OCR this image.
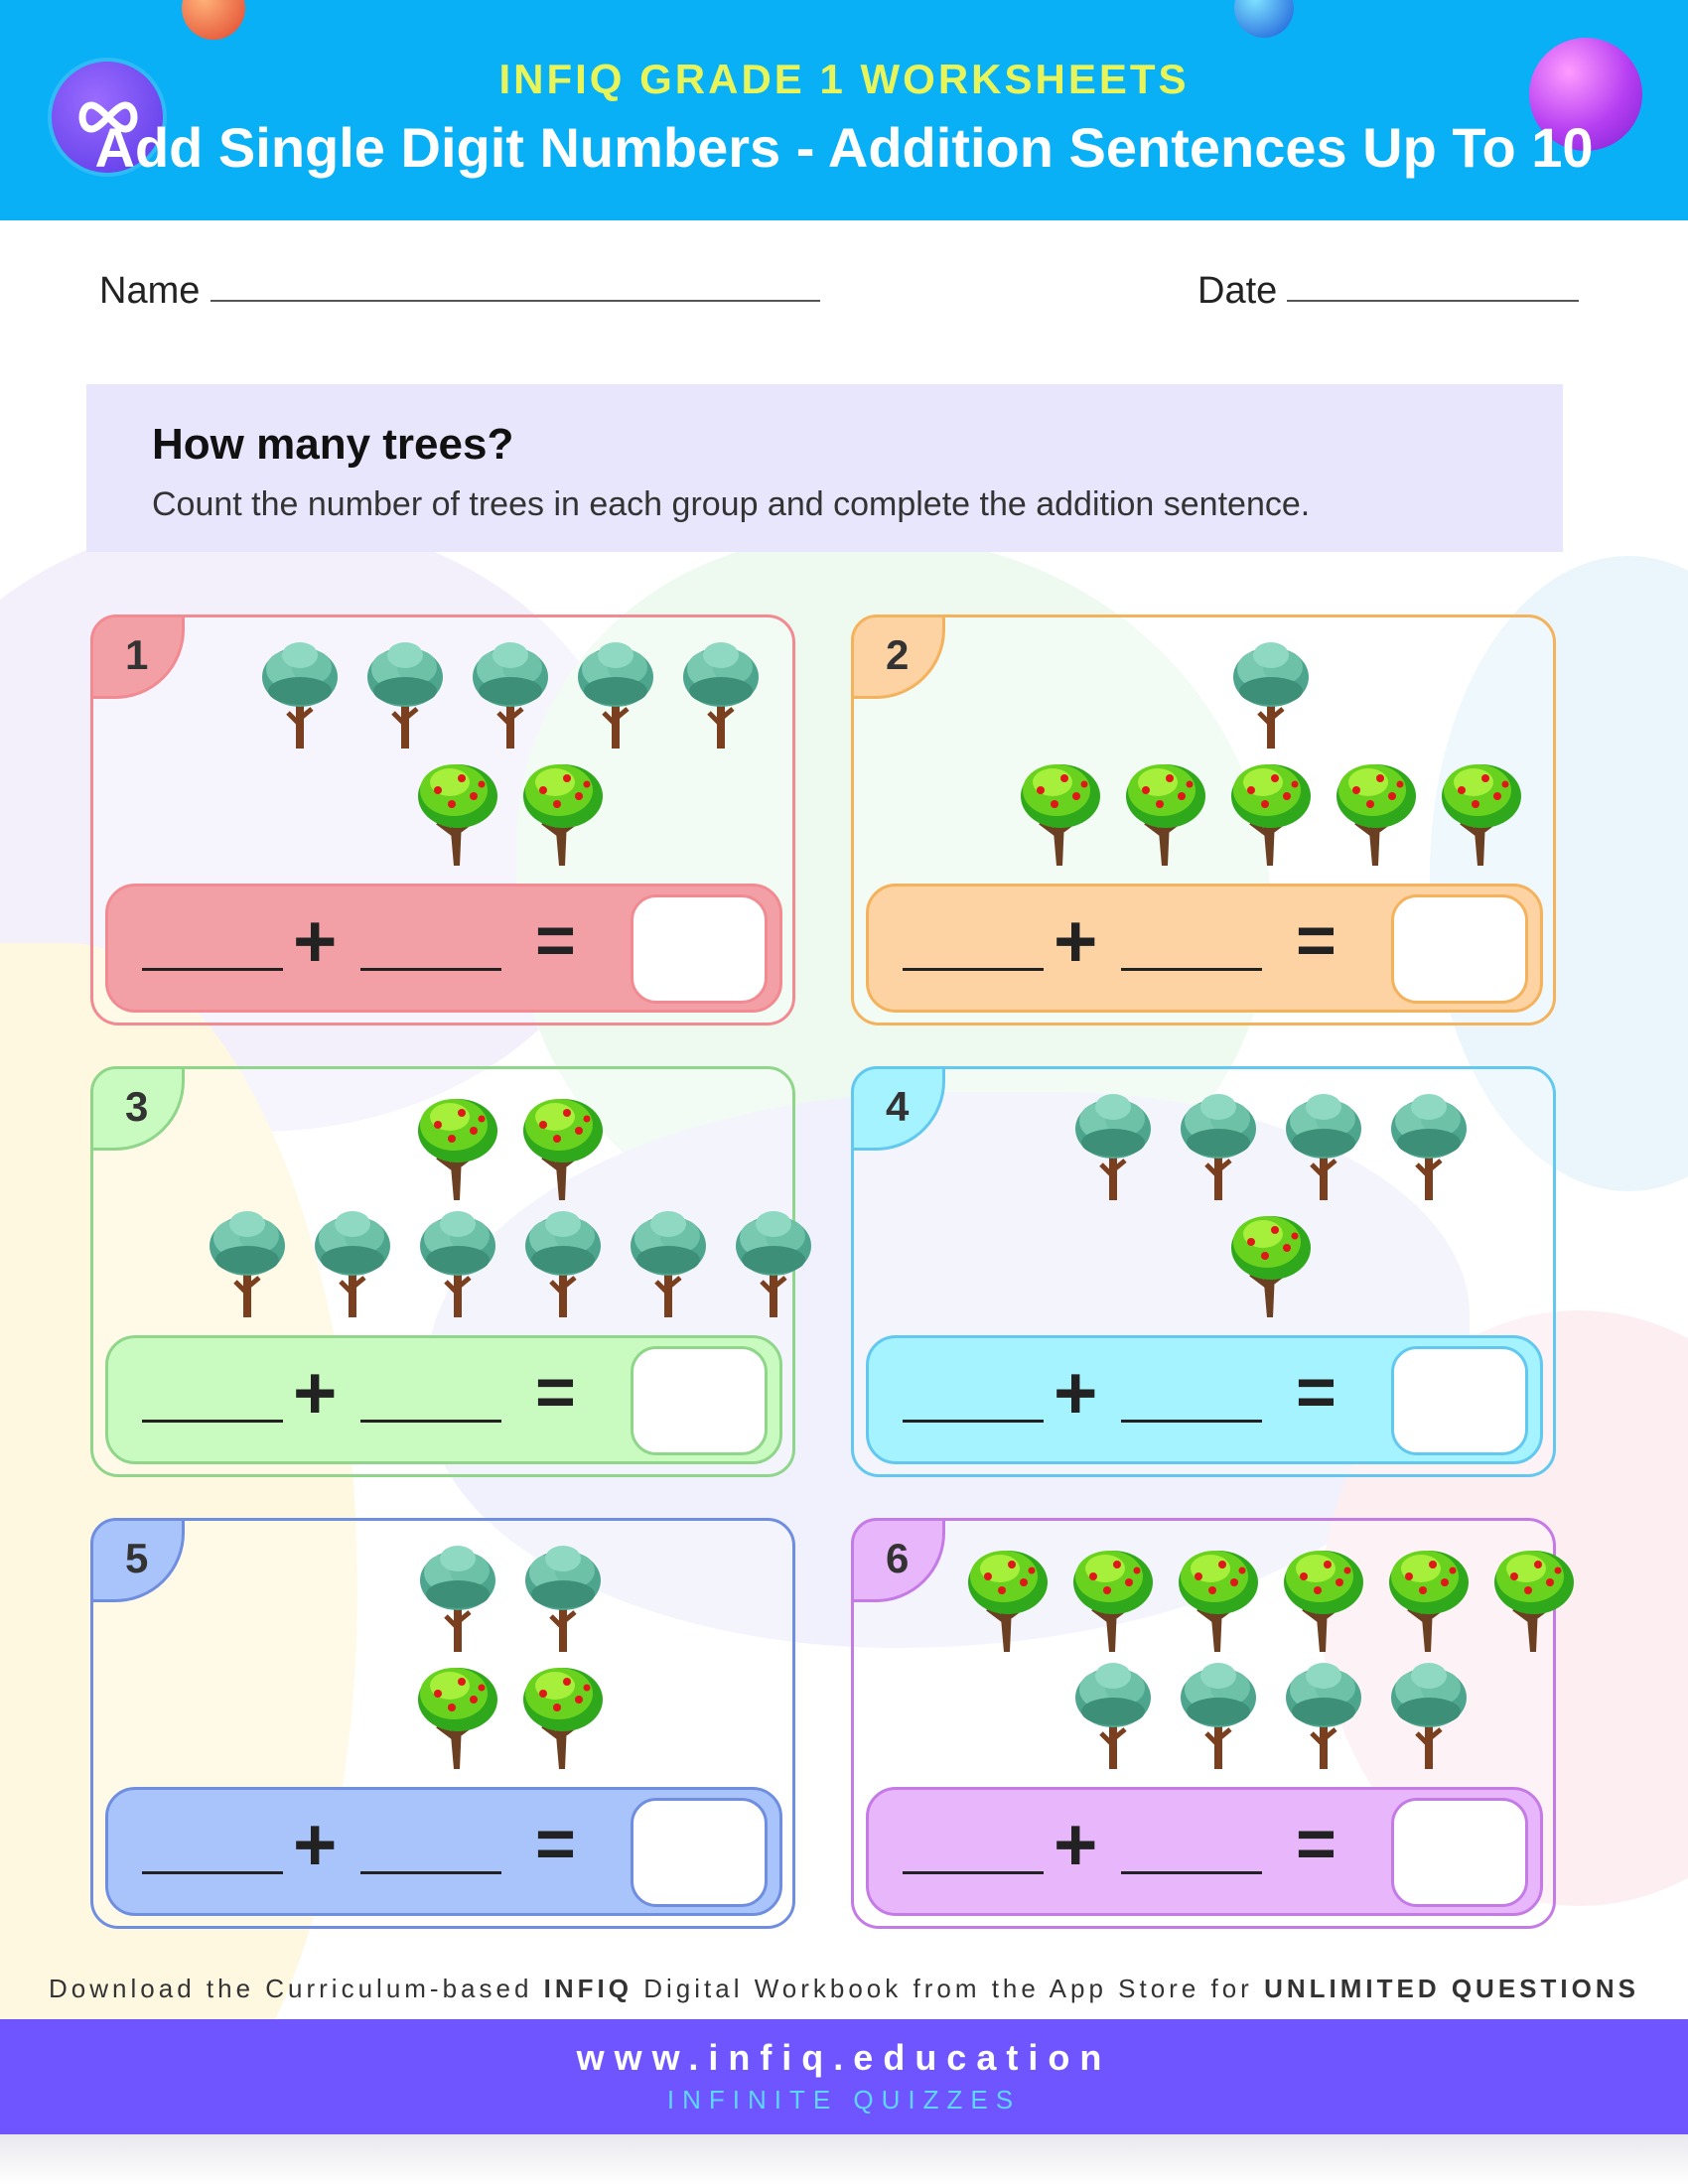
INFIQ GRADE 1 WORKSHEETS
Add Single Digit Numbers - Addition Sentences Up To 10
Name	Date
How many trees?
Count the number of trees in each group and complete the addition sentence.
1
+	=
2
+	=
3
+	=
4
+	=
5
+	=
6
+	=
Download the Curriculum-based INFIQ Digital Workbook from the App Store for UNLIMITED QUESTIONS
www.infiq.education
INFINITE QUIZZES
